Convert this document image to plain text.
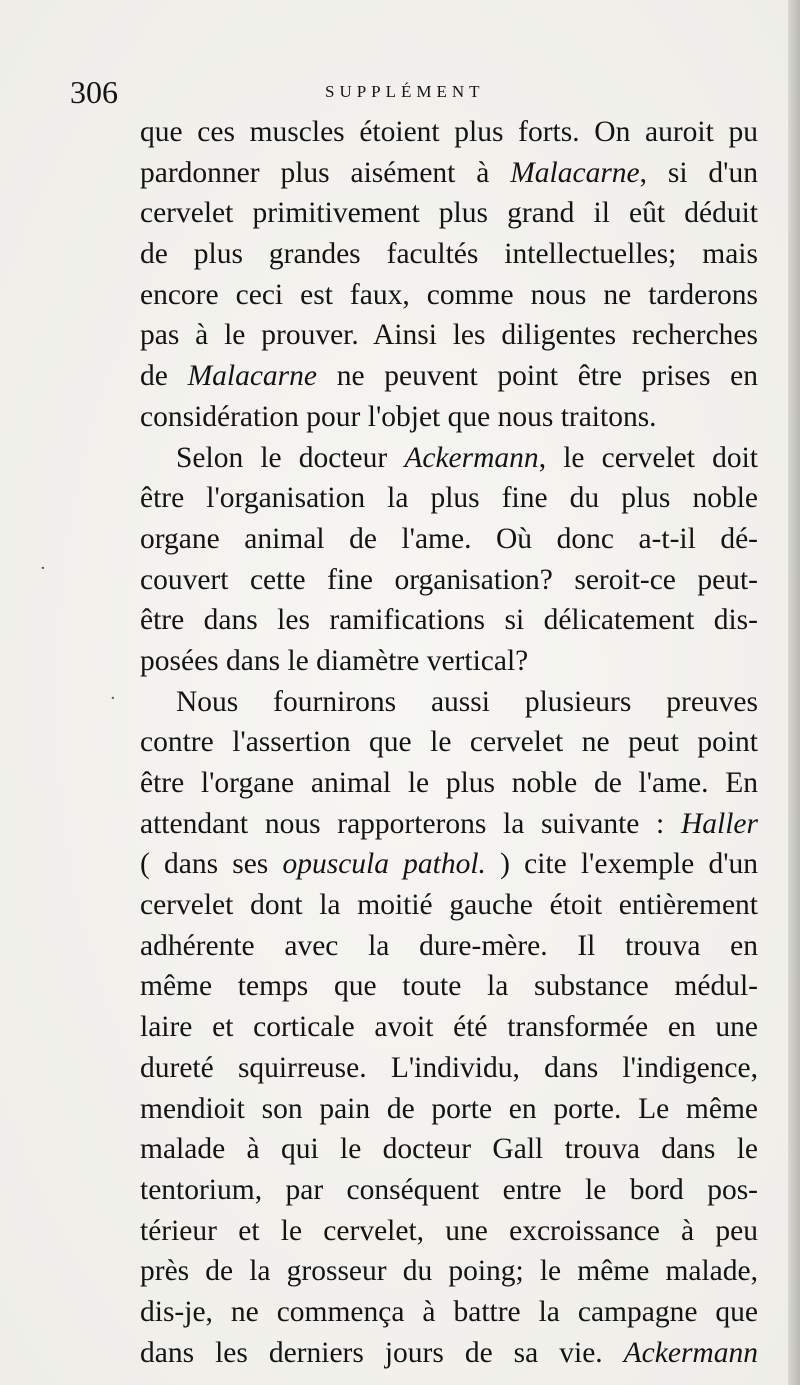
306	SUPPLÉMENT
·
·
que ces muscles étoient plus forts. On auroit pu
pardonner plus aisément à Malacarne, si d'un
cervelet primitivement plus grand il eût déduit
de plus grandes facultés intellectuelles; mais
encore ceci est faux, comme nous ne tarderons
pas à le prouver. Ainsi les diligentes recherches
de Malacarne ne peuvent point être prises en
considération pour l'objet que nous traitons.
Selon le docteur Ackermann, le cervelet doit
être l'organisation la plus fine du plus noble
organe animal de l'ame. Où donc a-t-il dé-
couvert cette fine organisation? seroit-ce peut-
être dans les ramifications si délicatement dis-
posées dans le diamètre vertical?
Nous fournirons aussi plusieurs preuves
contre l'assertion que le cervelet ne peut point
être l'organe animal le plus noble de l'ame. En
attendant nous rapporterons la suivante : Haller
( dans ses opuscula pathol. ) cite l'exemple d'un
cervelet dont la moitié gauche étoit entièrement
adhérente avec la dure-mère. Il trouva en
même temps que toute la substance médul-
laire et corticale avoit été transformée en une
dureté squirreuse. L'individu, dans l'indigence,
mendioit son pain de porte en porte. Le même
malade à qui le docteur Gall trouva dans le
tentorium, par conséquent entre le bord pos-
térieur et le cervelet, une excroissance à peu
près de la grosseur du poing; le même malade,
dis-je, ne commença à battre la campagne que
dans les derniers jours de sa vie. Ackermann
